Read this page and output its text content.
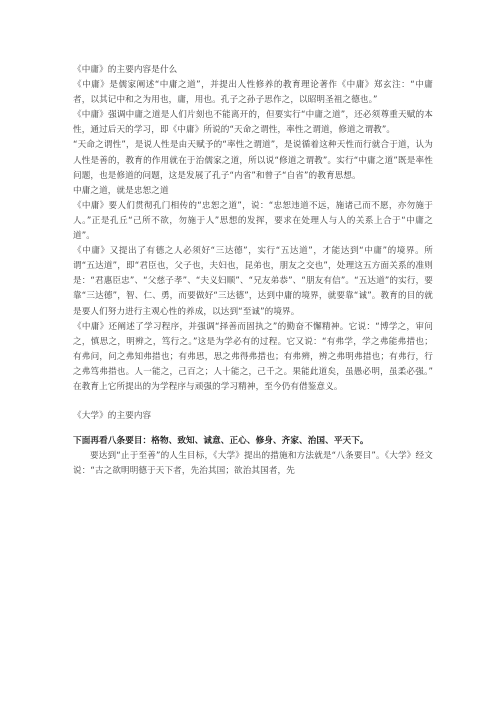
《中庸》的主要内容是什么

《中庸》是儒家阐述“中庸之道”，并提出人性修养的教育理论著作《中庸》郑玄注：“中庸者，以其记中和之为用也，庸，用也。孔子之孙子思作之，以昭明圣祖之德也。”

《中庸》强调中庸之道是人们片刻也不能离开的，但要实行“中庸之道”，还必须尊重天赋的本性，通过后天的学习，即《中庸》所说的“天命之谓性，率性之谓道，修道之谓教”。

“天命之谓性”，是说人性是由天赋予的“率性之谓道”，是说循着这种天性而行就合于道，认为人性是善的，教育的作用就在于治儒家之道，所以说“修道之谓教”。实行“中庸之道”既是率性问题，也是修道的问题，这是发展了孔子“内省”和曾子“自省”的教育思想。

中庸之道，就是忠恕之道

《中庸》要人们贯彻孔门相传的“忠恕之道”，说：“忠恕违道不远，施诸己而不愿，亦勿施于人。”正是孔丘“己所不欲，勿施于人”思想的发挥，要求在处理人与人的关系上合于“中庸之道”。

《中庸》又提出了有德之人必须好“三达德”，实行“五达道”，才能达到“中庸”的境界。所谓“五达道”，即“君臣也，父子也，夫妇也，昆弟也，朋友之交也”，处理这五方面关系的准则是：“君惠臣忠”、“父慈子孝”、“夫义妇顺”、“兄友弟恭”、“朋友有信”。“五达道”的实行，要靠“三达德”，智、仁、勇，而要做好“三达德”，达到中庸的境界，就要靠“诚”。教育的目的就是要人们努力进行主观心性的养成，以达到“至诚”的境界。

《中庸》还阐述了学习程序，并强调“择善而固执之”的勤奋不懈精神。它说：“博学之，审问之，慎思之，明辨之，笃行之。”这是为学必有的过程。它又说：“有弗学，学之弗能弗措也；有弗问，问之弗知弗措也；有弗思，思之弗得弗措也；有弗辨，辨之弗明弗措也；有弗行，行之弗笃弗措也。人一能之，己百之；人十能之，己千之。果能此道矣，虽愚必明，虽柔必强。” 在教育上它所提出的为学程序与顽强的学习精神，至今仍有借鉴意义。

《大学》的主要内容

下面再看八条要目：格物、致知、诚意、正心、修身、齐家、治国、平天下。

要达到“止于至善”的人生目标，《大学》提出的措施和方法就是“八条要目”。《大学》经文说：“古之欲明明德于天下者，先治其国；欲治其国者，先
